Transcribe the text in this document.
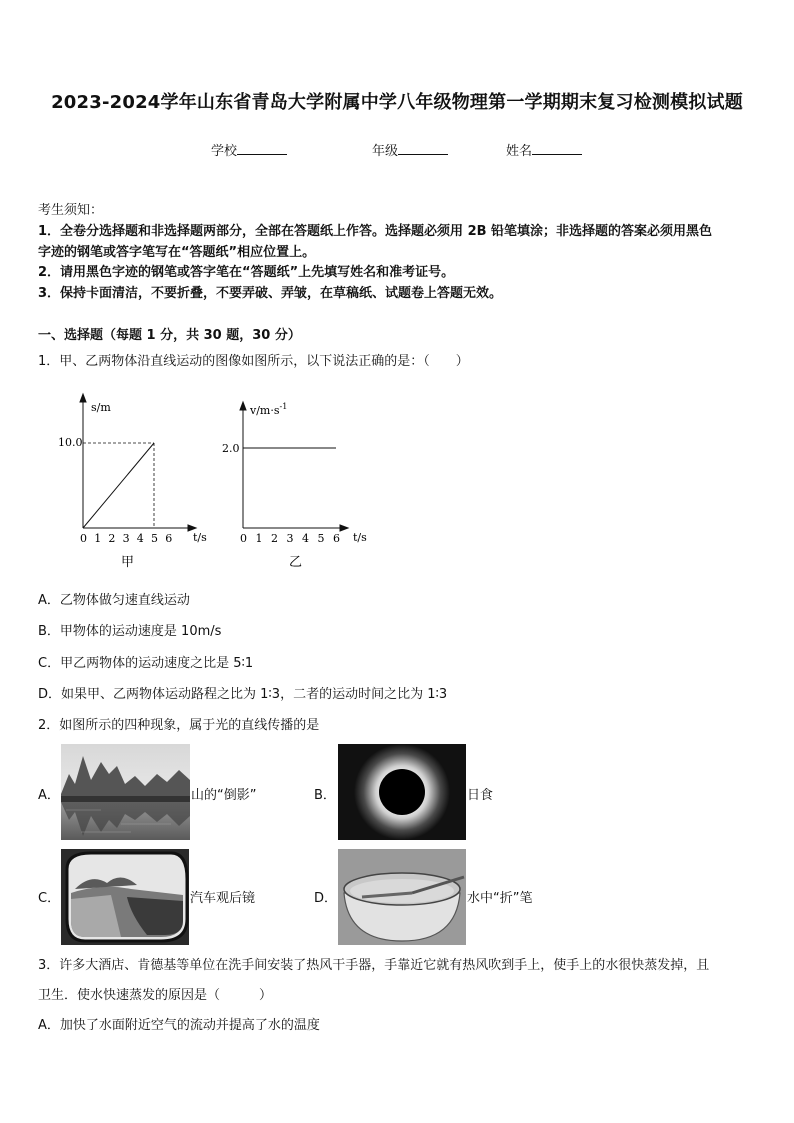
2023-2024学年山东省青岛大学附属中学八年级物理第一学期期末复习检测模拟试题
学校	年级	姓名
考生须知：
1．全卷分选择题和非选择题两部分，全部在答题纸上作答。选择题必须用 2B 铅笔填涂；非选择题的答案必须用黑色
字迹的钢笔或答字笔写在“答题纸”相应位置上。
2．请用黑色字迹的钢笔或答字笔在“答题纸”上先填写姓名和准考证号。
3．保持卡面清洁，不要折叠，不要弄破、弄皱，在草稿纸、试题卷上答题无效。
一、选择题（每题 1 分，共 30 题，30 分）
1．甲、乙两物体沿直线运动的图像如图所示，以下说法正确的是：（　　）
0 1 2 3 4 5 6
s/m
10.0
t/s
甲
0 1 2 3 4 5 6
$v/m\cdot s^{-1}$
2.0
t/s
乙
A．乙物体做匀速直线运动
B．甲物体的运动速度是 10m/s
C．甲乙两物体的运动速度之比是 5∶1
D．如果甲、乙两物体运动路程之比为 1∶3，二者的运动时间之比为 1∶3
2．如图所示的四种现象，属于光的直线传播的是
A．	山的“倒影”	B．	日食
C．	汽车观后镜	D．	水中“折”笔
3．许多大酒店、肯德基等单位在洗手间安装了热风干手器，手靠近它就有热风吹到手上，使手上的水很快蒸发掉，且
卫生．使水快速蒸发的原因是（　　　）
A．加快了水面附近空气的流动并提高了水的温度
